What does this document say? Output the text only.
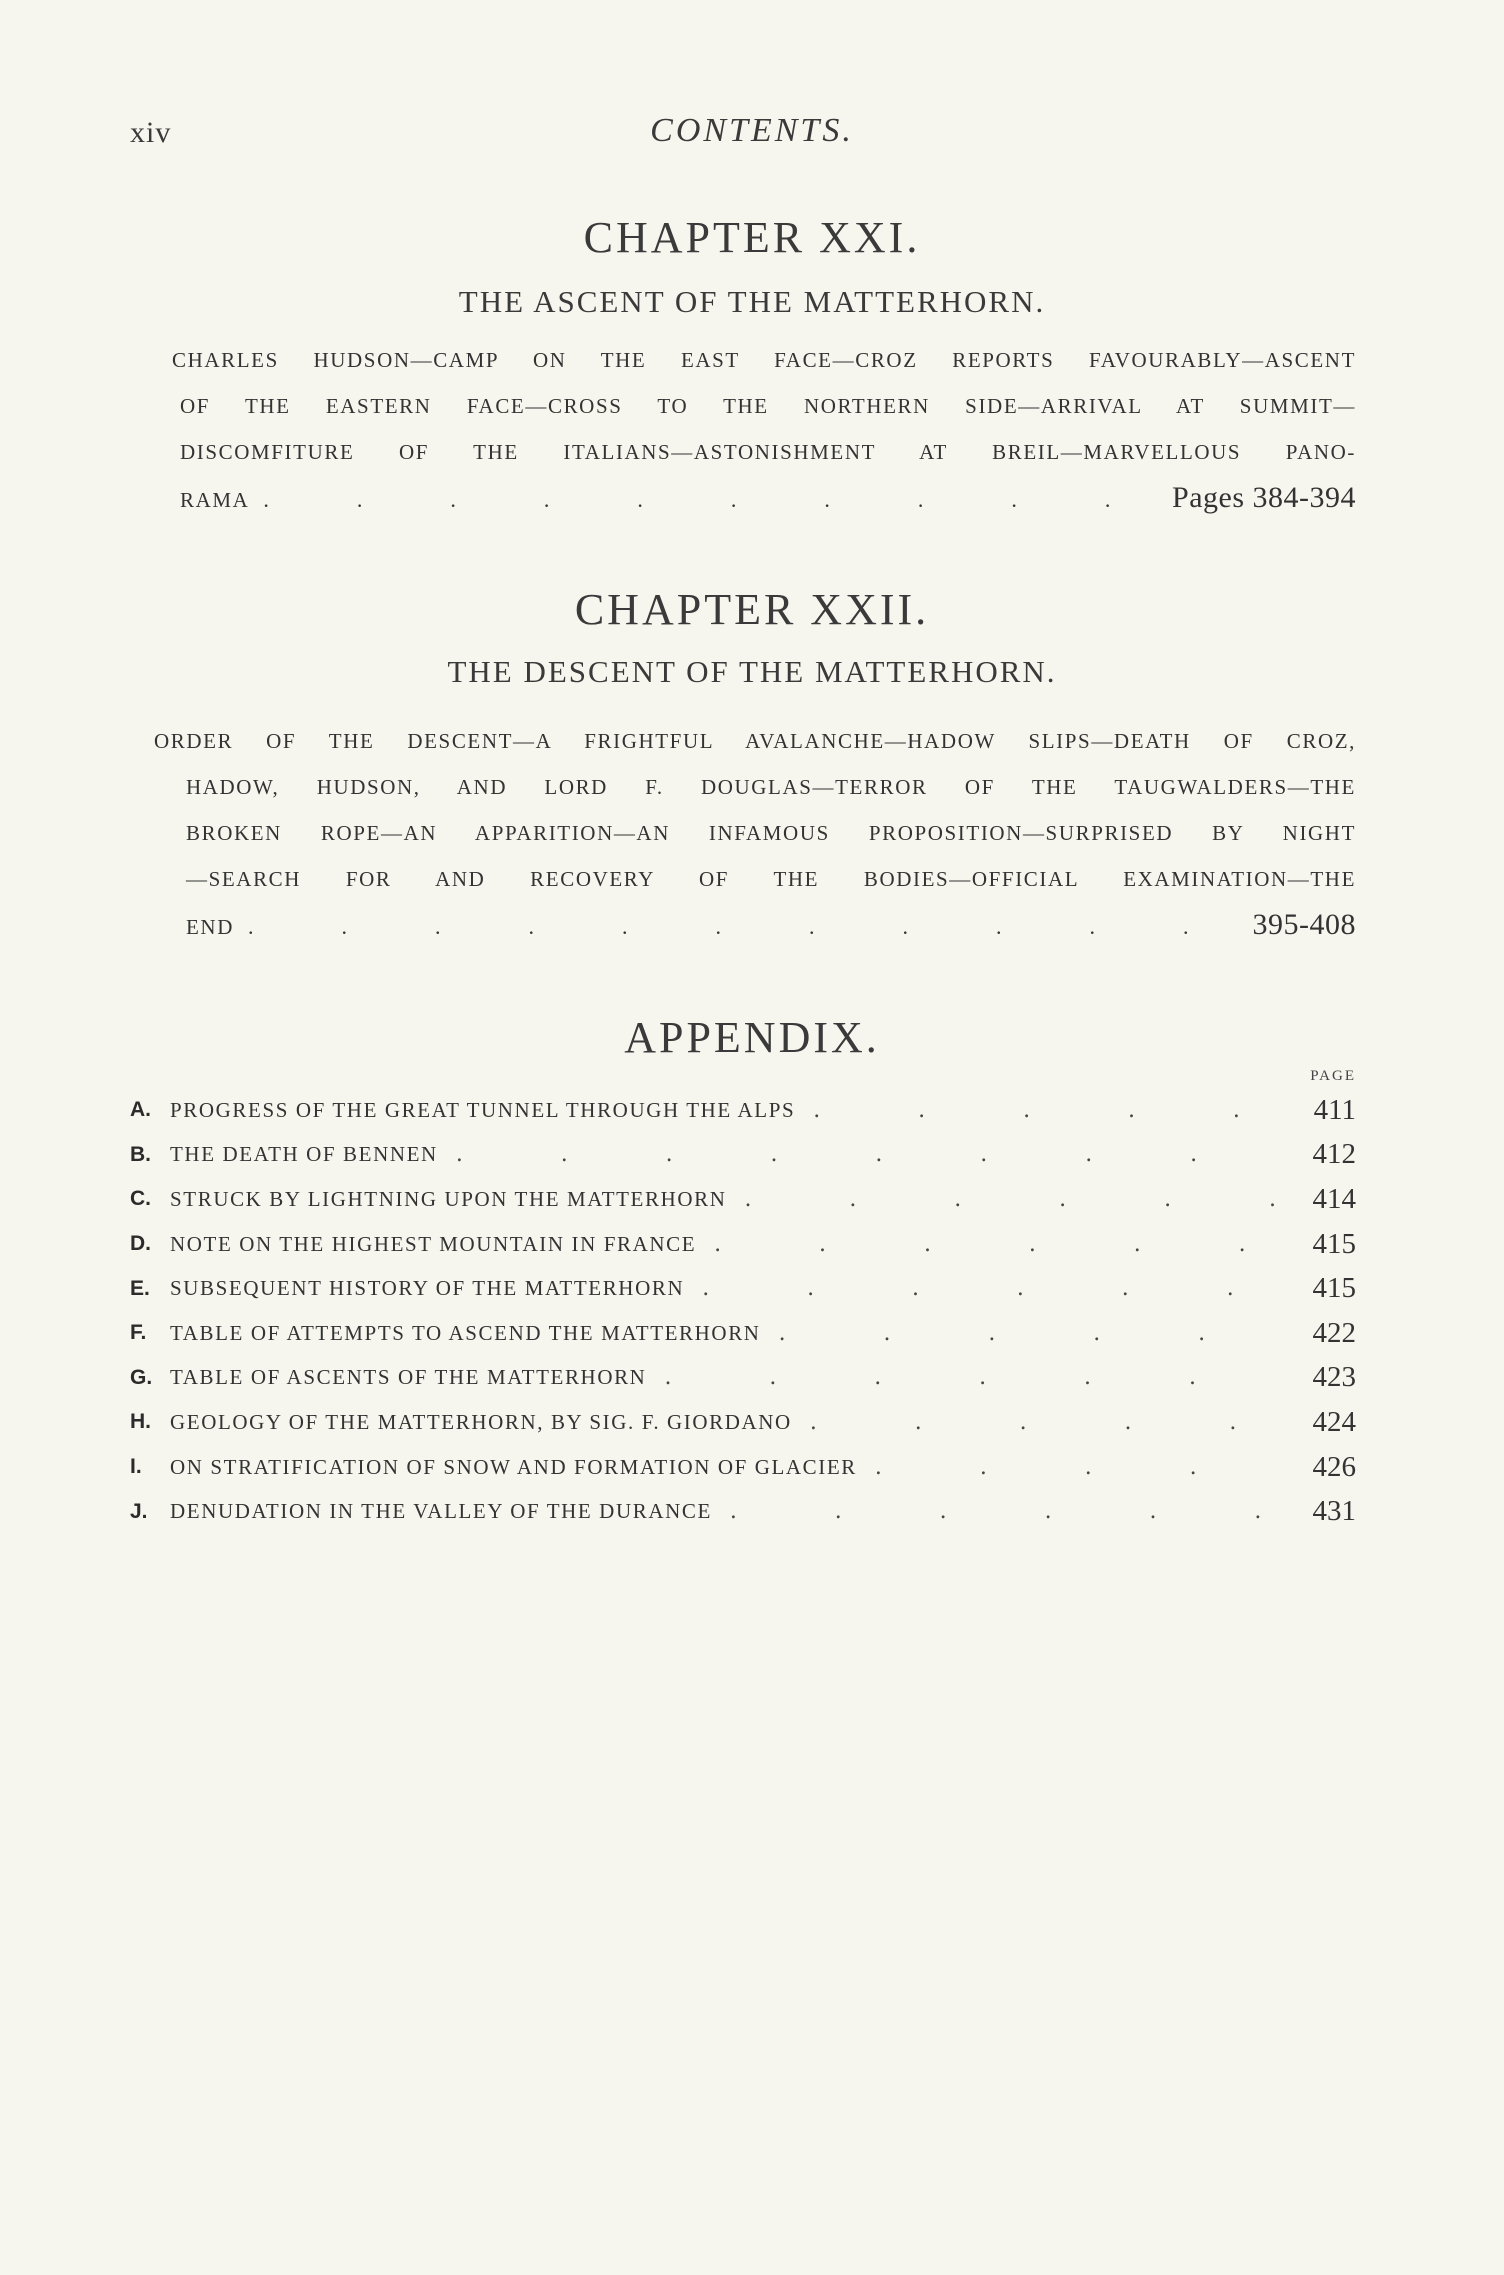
xiv	CONTENTS.
CHAPTER XXI.
THE ASCENT OF THE MATTERHORN.
CHARLES HUDSON—CAMP ON THE EAST FACE—CROZ REPORTS FAVOURABLY—ASCENT
OF THE EASTERN FACE—CROSS TO THE NORTHERN SIDE—ARRIVAL AT SUMMIT—
DISCOMFITURE OF THE ITALIANS—ASTONISHMENT AT BREIL—MARVELLOUS PANO-
RAMA .	Pages 384-394
CHAPTER XXII.
THE DESCENT OF THE MATTERHORN.
ORDER OF THE DESCENT—A FRIGHTFUL AVALANCHE—HADOW SLIPS—DEATH OF CROZ,
HADOW, HUDSON, AND LORD F. DOUGLAS—TERROR OF THE TAUGWALDERS—THE
BROKEN ROPE—AN APPARITION—AN INFAMOUS PROPOSITION—SURPRISED BY NIGHT
—SEARCH FOR AND RECOVERY OF THE BODIES—OFFICIAL EXAMINATION—THE
END .	395-408
APPENDIX.
PAGE
A. PROGRESS OF THE GREAT TUNNEL THROUGH THE ALPS .	411
B. THE DEATH OF BENNEN .	412
C. STRUCK BY LIGHTNING UPON THE MATTERHORN .	414
D. NOTE ON THE HIGHEST MOUNTAIN IN FRANCE .	415
E. SUBSEQUENT HISTORY OF THE MATTERHORN .	415
F.	TABLE OF ATTEMPTS TO ASCEND THE MATTERHORN .	422
G. TABLE OF ASCENTS OF THE MATTERHORN .	423
H. GEOLOGY OF THE MATTERHORN, BY SIG. F. GIORDANO .	424
I.	ON STRATIFICATION OF SNOW AND FORMATION OF GLACIER .	426
J.	DENUDATION IN THE VALLEY OF THE DURANCE .	431
